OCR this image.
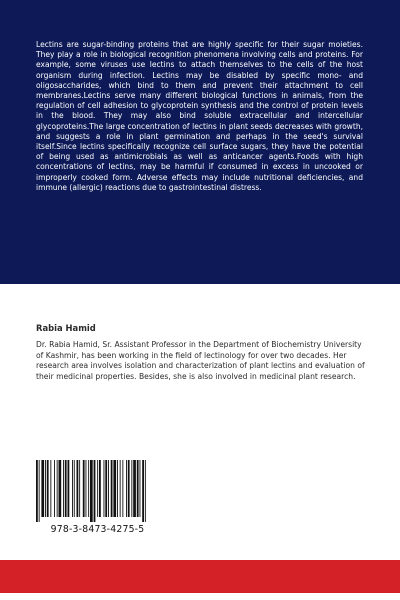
Lectins are sugar-binding proteins that are highly specific for their sugar moieties. They play a role in biological recognition phenomena involving cells and proteins. For example, some viruses use lectins to attach themselves to the cells of the host organism during infection. Lectins may be disabled by specific mono- and oligosaccharides, which bind to them and prevent their attachment to cell membranes.Lectins serve many different biological functions in animals, from the regulation of cell adhesion to glycoprotein synthesis and the control of protein levels in the blood. They may also bind soluble extracellular and intercellular glycoproteins.The large concentration of lectins in plant seeds decreases with growth, and suggests a role in plant germination and perhaps in the seed's survival itself.Since lectins specifically recognize cell surface sugars, they have the potential of being used as antimicrobials as well as anticancer agents.Foods with high concentrations of lectins, may be harmful if consumed in excess in uncooked or improperly cooked form. Adverse effects may include nutritional deficiencies, and immune (allergic) reactions due to gastrointestinal distress.

Rabia Hamid

Dr. Rabia Hamid, Sr. Assistant Professor in the Department of Biochemistry University of Kashmir, has been working in the field of lectinology for over two decades. Her research area involves isolation and characterization of plant lectins and evaluation of their medicinal properties. Besides, she is also involved in medicinal plant research.

978-3-8473-4275-5
